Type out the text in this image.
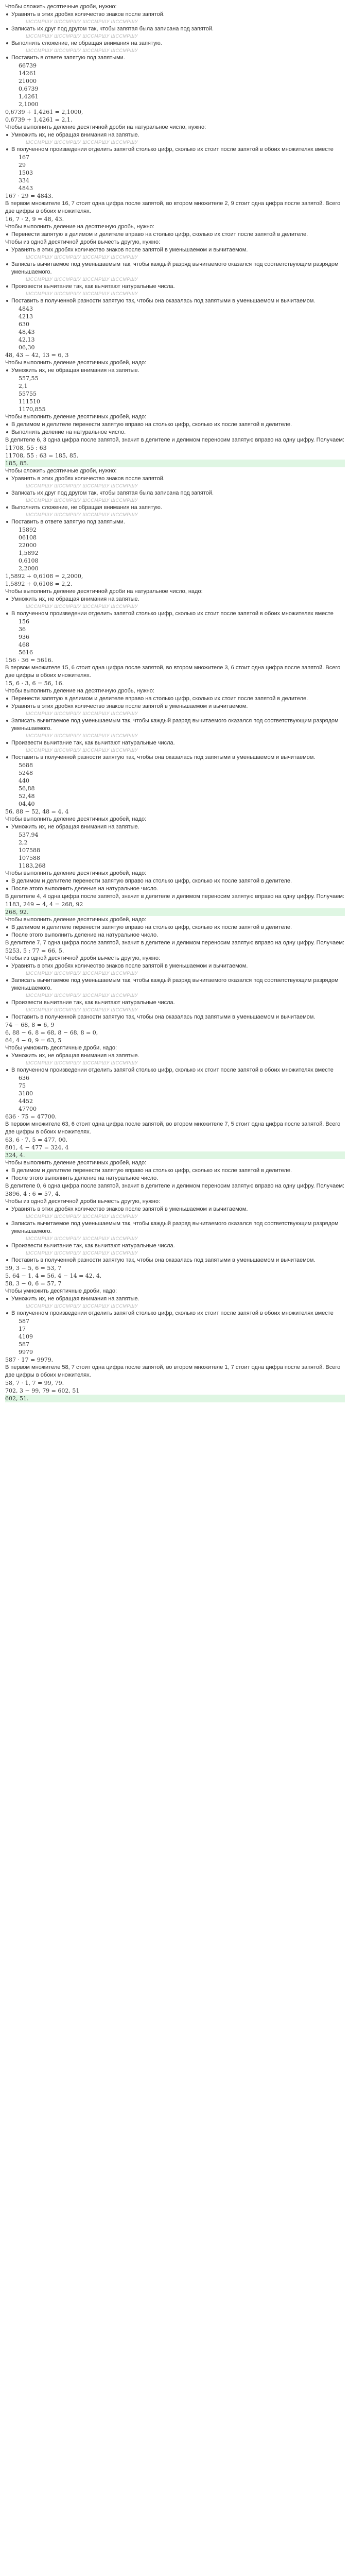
Чтобы сложить десятичные дроби, нужно:
Уравнять в этих дробях количество знаков после запятой.
ШССМРШУ ШССМРШУ ШССМРШУ ШССМРШУ
Записать их друг под другом так, чтобы запятая была записана под запятой.
ШССМРШУ ШССМРШУ ШССМРШУ ШССМРШУ
Выполнить сложение, не обращая внимания на запятую.
ШССМРШУ ШССМРШУ ШССМРШУ ШССМРШУ
Поставить в ответе запятую под запятыми.
66739
14261
21000
0,6739
1,4261
2,1000
0,6739 + 1,4261 = 2,1000,
0,6739 + 1,4261 = 2,1.
Чтобы выполнить деление десятичной дроби на натуральное число, нужно:
Умножить их, не обращая внимания на запятые.
ШССМРШУ ШССМРШУ ШССМРШУ ШССМРШУ
В полученном произведении отделить запятой столько цифр, сколько их стоит после запятой в обоих множителях вместе
167
29
1503
334
4843
167 · 29 = 4843.
В первом множителе 16, 7 стоит одна цифра после запятой, во втором множителе 2, 9 стоит одна цифра после запятой. Всего две цифры в обоих множителях.
16, 7 · 2, 9 = 48, 43.
Чтобы выполнить деление на десятичную дробь, нужно:
Перенести запятую в делимом и делителе вправо на столько цифр, сколько их стоит после запятой в делителе.
Чтобы из одной десятичной дроби вычесть другую, нужно:
Уравнять в этих дробях количество знаков после запятой в уменьшаемом и вычитаемом.
ШССМРШУ ШССМРШУ ШССМРШУ ШССМРШУ
Записать вычитаемое под уменьшаемым так, чтобы каждый разряд вычитаемого оказался под соответствующим разрядом уменьшаемого.
ШССМРШУ ШССМРШУ ШССМРШУ ШССМРШУ
Произвести вычитание так, как вычитают натуральные числа.
ШССМРШУ ШССМРШУ ШССМРШУ ШССМРШУ
Поставить в полученной разности запятую так, чтобы она оказалась под запятыми в уменьшаемом и вычитаемом.
4843
4213
630
48,43
42,13
06,30
48, 43 − 42, 13 = 6, 3
Чтобы выполнить деление десятичных дробей, надо:
Умножить их, не обращая внимания на запятые.
557,55
2,1
55755
111510
1170,855
Чтобы выполнить деление десятичных дробей, надо:
В делимом и делителе перенести запятую вправо на столько цифр, сколько их после запятой в делителе.
Выполнить деление на натуральное число.
В делителе 6, 3 одна цифра после запятой, значит в делителе и делимом переносим запятую вправо на одну цифру. Получаем:
11708, 55 : 63
11708, 55 : 63 = 185, 85.
185, 85.
Чтобы сложить десятичные дроби, нужно:
Уравнять в этих дробях количество знаков после запятой.
ШССМРШУ ШССМРШУ ШССМРШУ ШССМРШУ
Записать их друг под другом так, чтобы запятая была записана под запятой.
ШССМРШУ ШССМРШУ ШССМРШУ ШССМРШУ
Выполнить сложение, не обращая внимания на запятую.
ШССМРШУ ШССМРШУ ШССМРШУ ШССМРШУ
Поставить в ответе запятую под запятыми.
15892
06108
22000
1,5892
0,6108
2,2000
1,5892 + 0,6108 = 2,2000,
1,5892 + 0,6108 = 2,2.
Чтобы выполнить деление десятичной дроби на натуральное число, надо:
Умножить их, не обращая внимания на запятые.
ШССМРШУ ШССМРШУ ШССМРШУ ШССМРШУ
В полученном произведении отделить запятой столько цифр, сколько их стоит после запятой в обоих множителях вместе
156
36
936
468
5616
156 · 36 = 5616.
В первом множителе 15, 6 стоит одна цифра после запятой, во втором множителе 3, 6 стоит одна цифра после запятой. Всего две цифры в обоих множителях.
15, 6 · 3, 6 = 56, 16.
Чтобы выполнить деление на десятичную дробь, нужно:
Перенести запятую в делимом и делителе вправо на столько цифр, сколько их стоит после запятой в делителе.
Уравнять в этих дробях количество знаков после запятой в уменьшаемом и вычитаемом.
ШССМРШУ ШССМРШУ ШССМРШУ ШССМРШУ
Записать вычитаемое под уменьшаемым так, чтобы каждый разряд вычитаемого оказался под соответствующим разрядом уменьшаемого.
ШССМРШУ ШССМРШУ ШССМРШУ ШССМРШУ
Произвести вычитание так, как вычитают натуральные числа.
ШССМРШУ ШССМРШУ ШССМРШУ ШССМРШУ
Поставить в полученной разности запятую так, чтобы она оказалась под запятыми в уменьшаемом и вычитаемом.
5688
5248
440
56,88
52,48
04,40
56, 88 − 52, 48 = 4, 4
Чтобы выполнить деление десятичных дробей, надо:
Умножить их, не обращая внимания на запятые.
537,94
2,2
107588
107588
1183,268
Чтобы выполнить деление десятичных дробей, надо:
В делимом и делителе перенести запятую вправо на столько цифр, сколько их после запятой в делителе.
После этого выполнить деление на натуральное число.
В делителе 4, 4 одна цифра после запятой, значит в делителе и делимом переносим запятую вправо на одну цифру. Получаем:
1183, 249 − 4, 4 = 268, 92
268, 92.
Чтобы выполнить деление десятичных дробей, надо:
В делимом и делителе перенести запятую вправо на столько цифр, сколько их после запятой в делителе.
После этого выполнить деление на натуральное число.
В делителе 7, 7 одна цифра после запятой, значит в делителе и делимом переносим запятую вправо на одну цифру. Получаем:
5253, 5 : 77 = 66, 5.
Чтобы из одной десятичной дроби вычесть другую, нужно:
Уравнять в этих дробях количество знаков после запятой в уменьшаемом и вычитаемом.
ШССМРШУ ШССМРШУ ШССМРШУ ШССМРШУ
Записать вычитаемое под уменьшаемым так, чтобы каждый разряд вычитаемого оказался под соответствующим разрядом уменьшаемого.
ШССМРШУ ШССМРШУ ШССМРШУ ШССМРШУ
Произвести вычитание так, как вычитают натуральные числа.
ШССМРШУ ШССМРШУ ШССМРШУ ШССМРШУ
Поставить в полученной разности запятую так, чтобы она оказалась под запятыми в уменьшаемом и вычитаемом.
74 − 68, 8 = 6, 9
6, 88 − 6, 8 = 68, 8 − 68, 8 = 0,
64, 4 − 0, 9 = 63, 5
Чтобы умножить десятичные дроби, надо:
Умножить их, не обращая внимания на запятые.
ШССМРШУ ШССМРШУ ШССМРШУ ШССМРШУ
В полученном произведении отделить запятой столько цифр, сколько их стоит после запятой в обоих множителях вместе
636
75
3180
4452
47700
636 · 75 = 47700.
В первом множителе 63, 6 стоит одна цифра после запятой, во втором множителе 7, 5 стоит одна цифра после запятой. Всего две цифры в обоих множителях.
63, 6 · 7, 5 = 477, 00.
801, 4 − 477 = 324, 4
324, 4.
Чтобы выполнить деление десятичных дробей, надо:
В делимом и делителе перенести запятую вправо на столько цифр, сколько их после запятой в делителе.
После этого выполнить деление на натуральное число.
В делителе 0, 6 одна цифра после запятой, значит в делителе и делимом переносим запятую вправо на одну цифру. Получаем:
3896, 4 : 6 = 57, 4.
Чтобы из одной десятичной дроби вычесть другую, нужно:
Уравнять в этих дробях количество знаков после запятой в уменьшаемом и вычитаемом.
ШССМРШУ ШССМРШУ ШССМРШУ ШССМРШУ
Записать вычитаемое под уменьшаемым так, чтобы каждый разряд вычитаемого оказался под соответствующим разрядом уменьшаемого.
ШССМРШУ ШССМРШУ ШССМРШУ ШССМРШУ
Произвести вычитание так, как вычитают натуральные числа.
ШССМРШУ ШССМРШУ ШССМРШУ ШССМРШУ
Поставить в полученной разности запятую так, чтобы она оказалась под запятыми в уменьшаемом и вычитаемом.
59, 3 − 5, 6 = 53, 7
5, 64 − 1, 4 = 56, 4 − 14 = 42, 4,
58, 3 − 0, 6 = 57, 7
Чтобы умножить десятичные дроби, надо:
Умножить их, не обращая внимания на запятые.
ШССМРШУ ШССМРШУ ШССМРШУ ШССМРШУ
В полученном произведении отделить запятой столько цифр, сколько их стоит после запятой в обоих множителях вместе
587
17
4109
587
9979
587 · 17 = 9979.
В первом множителе 58, 7 стоит одна цифра после запятой, во втором множителе 1, 7 стоит одна цифра после запятой. Всего две цифры в обоих множителях.
58, 7 · 1, 7 = 99, 79.
702, 3 − 99, 79 = 602, 51
602, 51.
